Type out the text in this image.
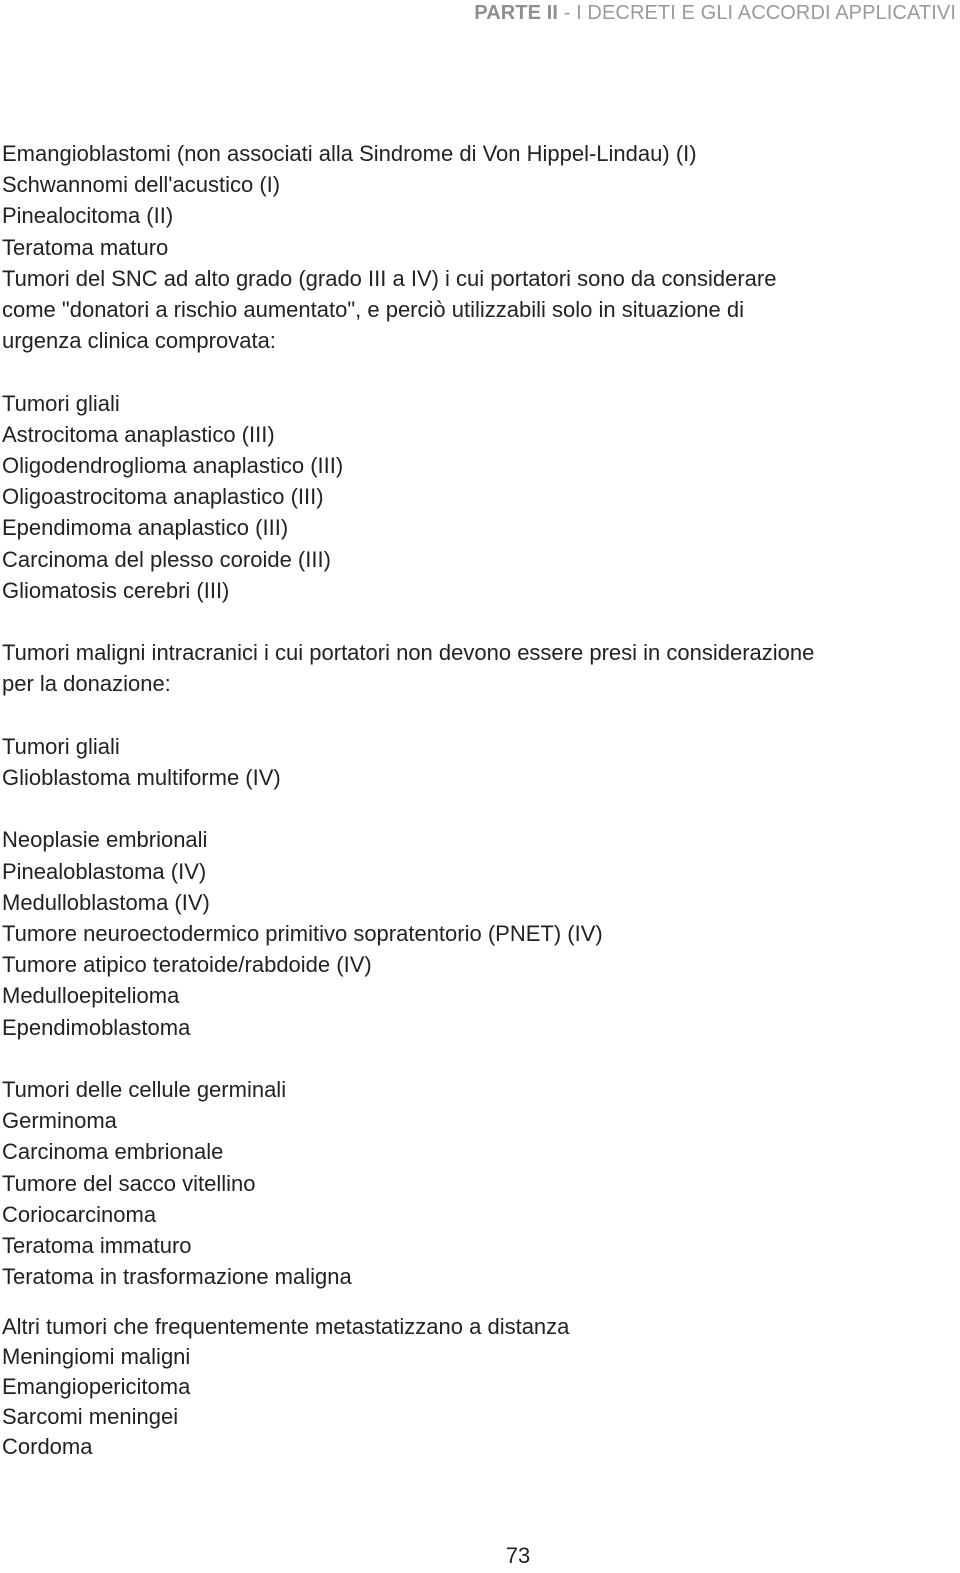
PARTE II - I DECRETI E GLI ACCORDI APPLICATIVI
Emangioblastomi (non associati alla Sindrome di Von Hippel-Lindau) (I)
Schwannomi dell'acustico (I)
Pinealocitoma (II)
Teratoma maturo
Tumori del SNC ad alto grado (grado III a IV) i cui portatori sono da considerare
come "donatori a rischio aumentato", e perciò utilizzabili solo in situazione di
urgenza clinica comprovata:
Tumori gliali
Astrocitoma anaplastico (III)
Oligodendroglioma anaplastico (III)
Oligoastrocitoma anaplastico (III)
Ependimoma anaplastico (III)
Carcinoma del plesso coroide (III)
Gliomatosis cerebri (III)
Tumori maligni intracranici i cui portatori non devono essere presi in considerazione
per la donazione:
Tumori gliali
Glioblastoma multiforme (IV)
Neoplasie embrionali
Pinealoblastoma (IV)
Medulloblastoma (IV)
Tumore neuroectodermico primitivo sopratentorio (PNET) (IV)
Tumore atipico teratoide/rabdoide (IV)
Medulloepitelioma
Ependimoblastoma
Tumori delle cellule germinali
Germinoma
Carcinoma embrionale
Tumore del sacco vitellino
Coriocarcinoma
Teratoma immaturo
Teratoma in trasformazione maligna
Altri tumori che frequentemente metastatizzano a distanza
Meningiomi maligni
Emangiopericitoma
Sarcomi meningei
Cordoma
73
